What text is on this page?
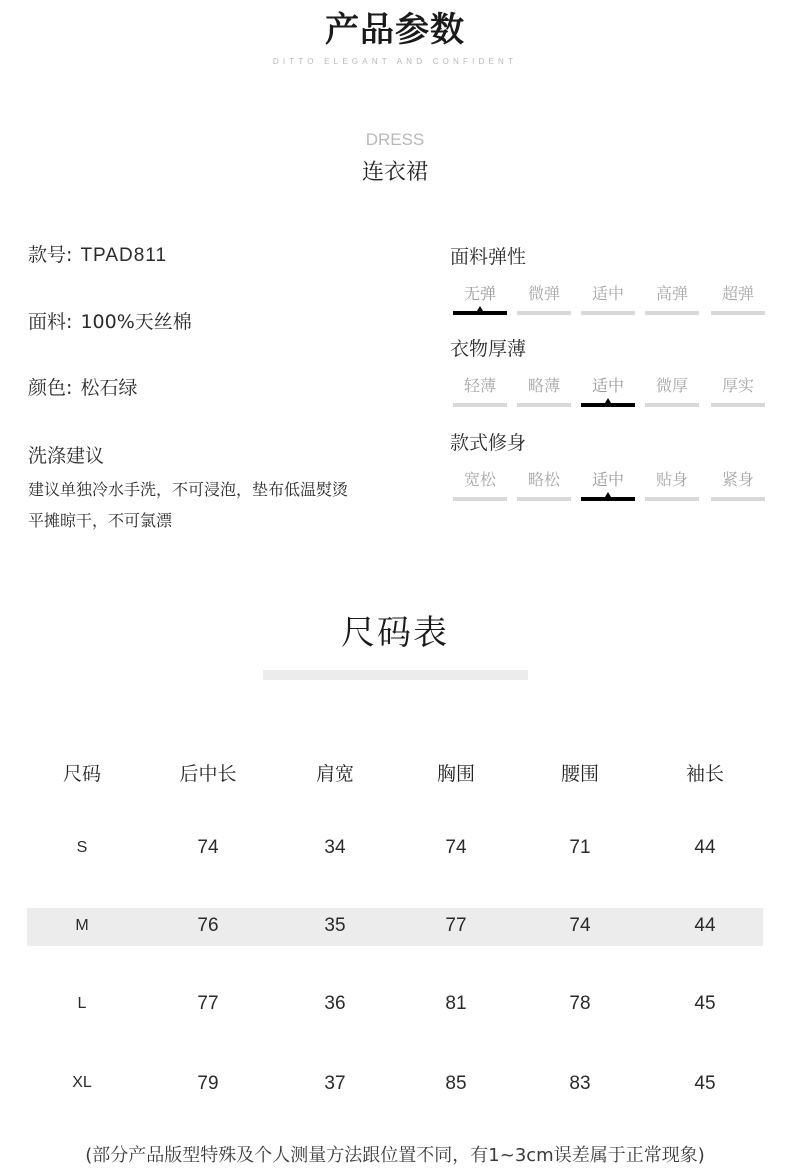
产品参数
DITTO ELEGANT AND CONFIDENT
DRESS
连衣裙
款号: TPAD811
面料: 100%天丝棉
颜色: 松石绿
洗涤建议
建议单独冷水手洗，不可浸泡，垫布低温熨烫
平摊晾干，不可氯漂
面料弹性
无弹	微弹	适中	高弹	超弹
衣物厚薄
轻薄	略薄	适中	微厚	厚实
款式修身
宽松	略松	适中	贴身	紧身
尺码表
尺码	后中长	肩宽	胸围	腰围	袖长
S	74	34	74	71	44
M	76	35	77	74	44
L	77	36	81	78	45
XL	79	37	85	83	45
(部分产品版型特殊及个人测量方法跟位置不同，有1~3cm误差属于正常现象)
